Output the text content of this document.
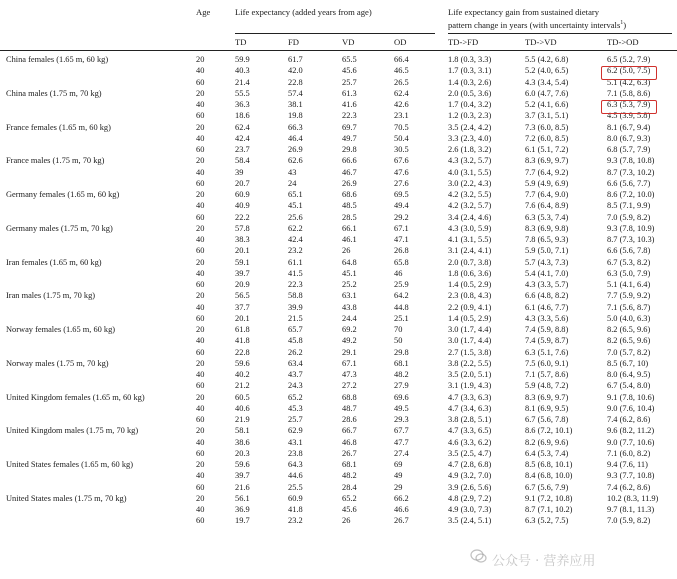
Age	Life expectancy (added years from age)	Life expectancy gain from sustained dietary
pattern change in years (with uncertainty intervals$^1$)
TD	FD	VD	OD	TD->FD	TD->VD	TD->OD
China females (1.65 m, 60 kg)	20	59.9	61.7	65.5	66.4	1.8 (0.3, 3.3)	5.5 (4.2, 6.8)	6.5 (5.2, 7.9)
40	40.3	42.0	45.6	46.5	1.7 (0.3, 3.1)	5.2 (4.0, 6.5)	6.2 (5.0, 7.5)
60	21.4	22.8	25.7	26.5	1.4 (0.3, 2.6)	4.3 (3.4, 5.4)	5.1 (4.2, 6.3)
China males (1.75 m, 70 kg)	20	55.5	57.4	61.3	62.4	2.0 (0.5, 3.6)	6.0 (4.7, 7.6)	7.1 (5.8, 8.6)
40	36.3	38.1	41.6	42.6	1.7 (0.4, 3.2)	5.2 (4.1, 6.6)	6.3 (5.3, 7.9)
60	18.6	19.8	22.3	23.1	1.2 (0.3, 2.3)	3.7 (3.1, 5.1)	4.5 (3.9, 5.8)
France females (1.65 m, 60 kg)	20	62.4	66.3	69.7	70.5	3.5 (2.4, 4.2)	7.3 (6.0, 8.5)	8.1 (6.7, 9.4)
40	42.4	46.4	49.7	50.4	3.3 (2.3, 4.0)	7.2 (6.0, 8.5)	8.0 (6.7, 9.3)
60	23.7	26.9	29.8	30.5	2.6 (1.8, 3.2)	6.1 (5.1, 7.2)	6.8 (5.7, 7.9)
France males (1.75 m, 70 kg)	20	58.4	62.6	66.6	67.6	4.3 (3.2, 5.7)	8.3 (6.9, 9.7)	9.3 (7.8, 10.8)
40	39	43	46.7	47.6	4.0 (3.1, 5.5)	7.7 (6.4, 9.2)	8.7 (7.3, 10.2)
60	20.7	24	26.9	27.6	3.0 (2.2, 4.3)	5.9 (4.9, 6.9)	6.6 (5.6, 7.7)
Germany females (1.65 m, 60 kg)	20	60.9	65.1	68.6	69.5	4.2 (3.2, 5.5)	7.7 (6.4, 9.0)	8.6 (7.2, 10.0)
40	40.9	45.1	48.5	49.4	4.2 (3.2, 5.7)	7.6 (6.4, 8.9)	8.5 (7.1, 9.9)
60	22.2	25.6	28.5	29.2	3.4 (2.4, 4.6)	6.3 (5.3, 7.4)	7.0 (5.9, 8.2)
Germany males (1.75 m, 70 kg)	20	57.8	62.2	66.1	67.1	4.3 (3.0, 5.9)	8.3 (6.9, 9.8)	9.3 (7.8, 10.9)
40	38.3	42.4	46.1	47.1	4.1 (3.1, 5.5)	7.8 (6.5, 9.3)	8.7 (7.3, 10.3)
60	20.1	23.2	26	26.8	3.1 (2.4, 4.1)	5.9 (5.0, 7.1)	6.6 (5.6, 7.8)
Iran females (1.65 m, 60 kg)	20	59.1	61.1	64.8	65.8	2.0 (0.7, 3.8)	5.7 (4.3, 7.3)	6.7 (5.3, 8.2)
40	39.7	41.5	45.1	46	1.8 (0.6, 3.6)	5.4 (4.1, 7.0)	6.3 (5.0, 7.9)
60	20.9	22.3	25.2	25.9	1.4 (0.5, 2.9)	4.3 (3.3, 5.7)	5.1 (4.1, 6.4)
Iran males (1.75 m, 70 kg)	20	56.5	58.8	63.1	64.2	2.3 (0.8, 4.3)	6.6 (4.8, 8.2)	7.7 (5.9, 9.2)
40	37.7	39.9	43.8	44.8	2.2 (0.9, 4.1)	6.1 (4.6, 7.7)	7.1 (5.6, 8.7)
60	20.1	21.5	24.4	25.1	1.4 (0.5, 2.9)	4.3 (3.3, 5.6)	5.0 (4.0, 6.3)
Norway females (1.65 m, 60 kg)	20	61.8	65.7	69.2	70	3.0 (1.7, 4.4)	7.4 (5.9, 8.8)	8.2 (6.5, 9.6)
40	41.8	45.8	49.2	50	3.0 (1.7, 4.4)	7.4 (5.9, 8.7)	8.2 (6.5, 9.6)
60	22.8	26.2	29.1	29.8	2.7 (1.5, 3.8)	6.3 (5.1, 7.6)	7.0 (5.7, 8.2)
Norway males (1.75 m, 70 kg)	20	59.6	63.4	67.1	68.1	3.8 (2.2, 5.5)	7.5 (6.0, 9.1)	8.5 (6.7, 10)
40	40.2	43.7	47.3	48.2	3.5 (2.0, 5.1)	7.1 (5.7, 8.6)	8.0 (6.4, 9.5)
60	21.2	24.3	27.2	27.9	3.1 (1.9, 4.3)	5.9 (4.8, 7.2)	6.7 (5.4, 8.0)
United Kingdom females (1.65 m, 60 kg)	20	60.5	65.2	68.8	69.6	4.7 (3.3, 6.3)	8.3 (6.9, 9.7)	9.1 (7.8, 10.6)
40	40.6	45.3	48.7	49.5	4.7 (3.4, 6.3)	8.1 (6.9, 9.5)	9.0 (7.6, 10.4)
60	21.9	25.7	28.6	29.3	3.8 (2.8, 5.1)	6.7 (5.6, 7.8)	7.4 (6.2, 8.6)
United Kingdom males (1.75 m, 70 kg)	20	58.1	62.9	66.7	67.7	4.7 (3.3, 6.5)	8.6 (7.2, 10.1)	9.6 (8.2, 11.2)
40	38.6	43.1	46.8	47.7	4.6 (3.3, 6.2)	8.2 (6.9, 9.6)	9.0 (7.7, 10.6)
60	20.3	23.8	26.7	27.4	3.5 (2.5, 4.7)	6.4 (5.3, 7.4)	7.1 (6.0, 8.2)
United States females (1.65 m, 60 kg)	20	59.6	64.3	68.1	69	4.7 (2.8, 6.8)	8.5 (6.8, 10.1)	9.4 (7.6, 11)
40	39.7	44.6	48.2	49	4.9 (3.2, 7.0)	8.4 (6.8, 10.0)	9.3 (7.7, 10.8)
60	21.6	25.5	28.4	29	3.9 (2.6, 5.6)	6.7 (5.6, 7.9)	7.4 (6.2, 8.6)
United States males (1.75 m, 70 kg)	20	56.1	60.9	65.2	66.2	4.8 (2.9, 7.2)	9.1 (7.2, 10.8)	10.2 (8.3, 11.9)
40	36.9	41.8	45.6	46.6	4.9 (3.0, 7.3)	8.7 (7.1, 10.2)	9.7 (8.1, 11.3)
60	19.7	23.2	26	26.7	3.5 (2.4, 5.1)	6.3 (5.2, 7.5)	7.0 (5.9, 8.2)
公众号 · 营养应用
